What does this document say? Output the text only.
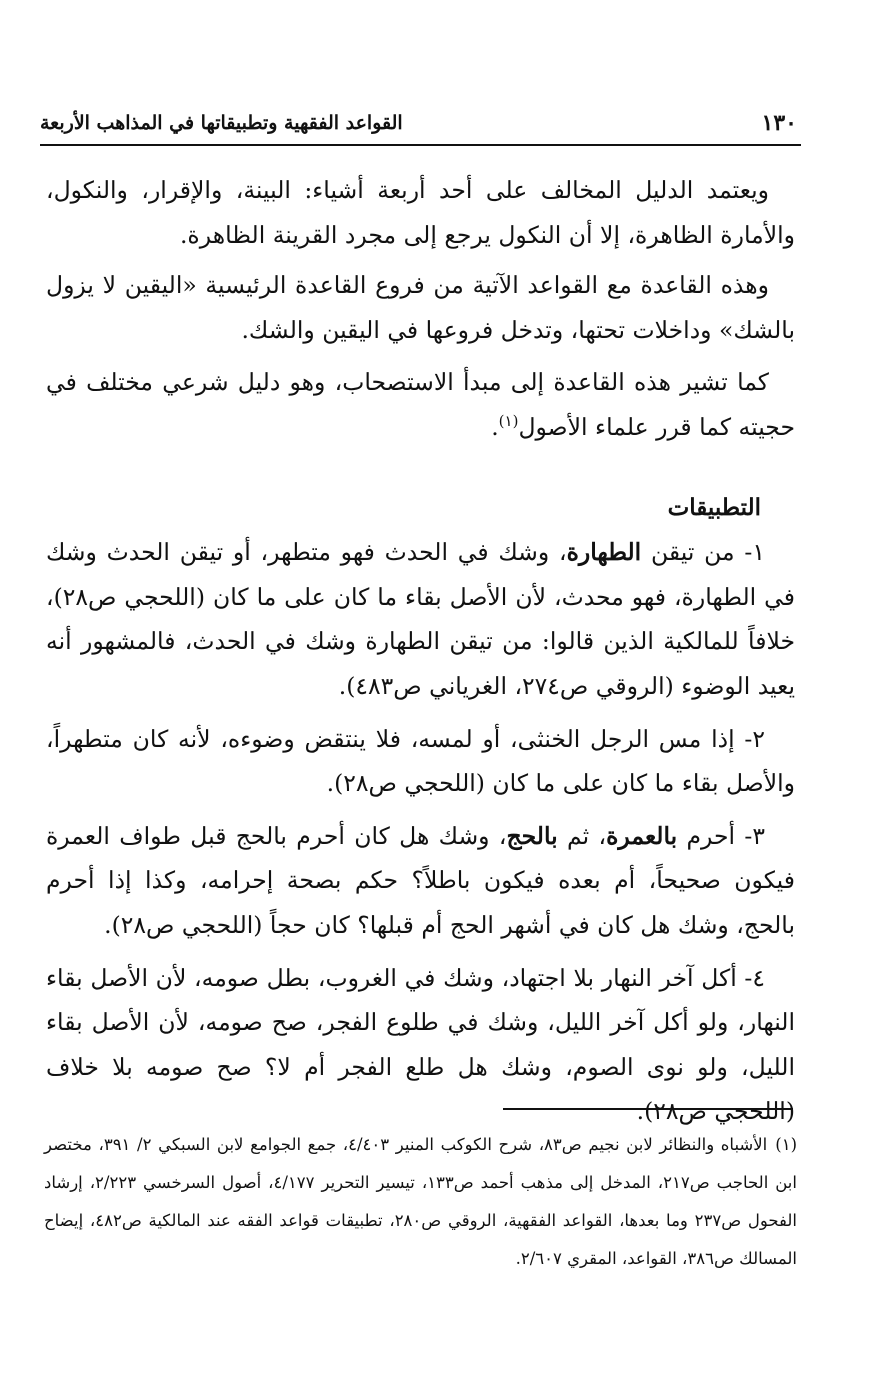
١٣٠
القواعد الفقهية وتطبيقاتها في المذاهب الأربعة

ويعتمد الدليل المخالف على أحد أربعة أشياء: البينة، والإقرار، والنكول، والأمارة الظاهرة، إلا أن النكول يرجع إلى مجرد القرينة الظاهرة.

وهذه القاعدة مع القواعد الآتية من فروع القاعدة الرئيسية «اليقين لا يزول بالشك» وداخلات تحتها، وتدخل فروعها في اليقين والشك.

كما تشير هذه القاعدة إلى مبدأ الاستصحاب، وهو دليل شرعي مختلف في حجيته كما قرر علماء الأصول$^{(١)}$.

التطبيقات

١- من تيقن الطهارة، وشك في الحدث فهو متطهر، أو تيقن الحدث وشك في الطهارة، فهو محدث، لأن الأصل بقاء ما كان على ما كان (اللحجي ص٢٨)، خلافاً للمالكية الذين قالوا: من تيقن الطهارة وشك في الحدث، فالمشهور أنه يعيد الوضوء (الروقي ص٢٧٤، الغرياني ص٤٨٣).

٢- إذا مس الرجل الخنثى، أو لمسه، فلا ينتقض وضوءه، لأنه كان متطهراً، والأصل بقاء ما كان على ما كان (اللحجي ص٢٨).

٣- أحرم بالعمرة، ثم بالحج، وشك هل كان أحرم بالحج قبل طواف العمرة فيكون صحيحاً، أم بعده فيكون باطلاً؟ حكم بصحة إحرامه، وكذا إذا أحرم بالحج، وشك هل كان في أشهر الحج أم قبلها؟ كان حجاً (اللحجي ص٢٨).

٤- أكل آخر النهار بلا اجتهاد، وشك في الغروب، بطل صومه، لأن الأصل بقاء النهار، ولو أكل آخر الليل، وشك في طلوع الفجر، صح صومه، لأن الأصل بقاء الليل، ولو نوى الصوم، وشك هل طلع الفجر أم لا؟ صح صومه بلا خلاف (اللحجي ص٢٨).

(١)الأشباه والنظائر لابن نجيم ص٨٣، شرح الكوكب المنير ٤/٤٠٣، جمع الجوامع لابن السبكي ٢/ ٣٩١، مختصر ابن الحاجب ص٢١٧، المدخل إلى مذهب أحمد ص١٣٣، تيسير التحرير ٤/١٧٧، أصول السرخسي ٢/٢٢٣، إرشاد الفحول ص٢٣٧ وما بعدها، القواعد الفقهية، الروقي ص٢٨٠، تطبيقات قواعد الفقه عند المالكية ص٤٨٢، إيضاح المسالك ص٣٨٦، القواعد، المقري ٢/٦٠٧.
